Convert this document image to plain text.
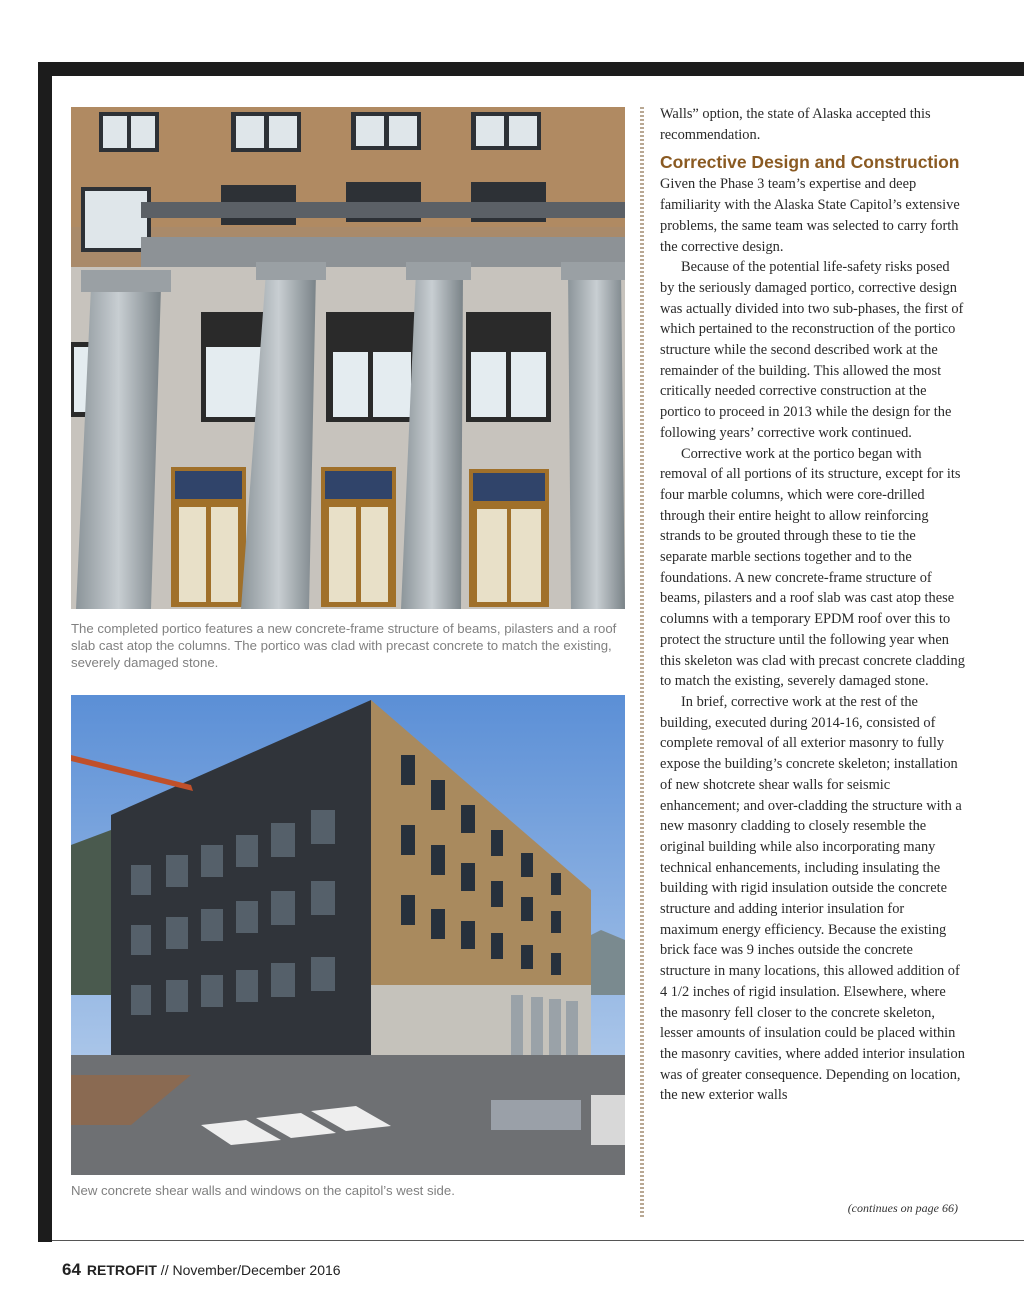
The completed portico features a new concrete-frame structure of beams, pilasters and a roof slab cast atop the columns. The portico was clad with precast concrete to match the existing, severely damaged stone.
New concrete shear walls and windows on the capitol’s west side.

Walls” option, the state of Alaska accepted this recommendation.

Corrective Design and Construction

Given the Phase 3 team’s expertise and deep familiarity with the Alaska State Capitol’s extensive problems, the same team was selected to carry forth the corrective design.

Because of the potential life-safety risks posed by the seriously damaged portico, corrective design was actually divided into two sub-phases, the first of which pertained to the reconstruction of the portico structure while the second described work at the remainder of the building. This allowed the most critically needed corrective construction at the portico to proceed in 2013 while the design for the following years’ corrective work continued.

Corrective work at the portico began with removal of all portions of its structure, except for its four marble columns, which were core-drilled through their entire height to allow reinforcing strands to be grouted through these to tie the separate marble sections together and to the foundations. A new concrete-frame structure of beams, pilasters and a roof slab was cast atop these columns with a temporary EPDM roof over this to protect the structure until the following year when this skeleton was clad with precast concrete cladding to match the existing, severely damaged stone.

In brief, corrective work at the rest of the building, executed during 2014-16, consisted of complete removal of all exterior masonry to fully expose the building’s concrete skeleton; installation of new shotcrete shear walls for seismic enhancement; and over-cladding the structure with a new masonry cladding to closely resemble the original building while also incorporating many technical enhancements, including insulating the building with rigid insulation outside the concrete structure and adding interior insulation for maximum energy efficiency. Because the existing brick face was 9 inches outside the concrete structure in many locations, this allowed addition of 4 1/2 inches of rigid insulation. Elsewhere, where the masonry fell closer to the concrete skeleton, lesser amounts of insulation could be placed within the masonry cavities, where added interior insulation was of greater consequence. Depending on location, the new exterior walls

(continues on page 66)
64 RETROFIT // November/December 2016
